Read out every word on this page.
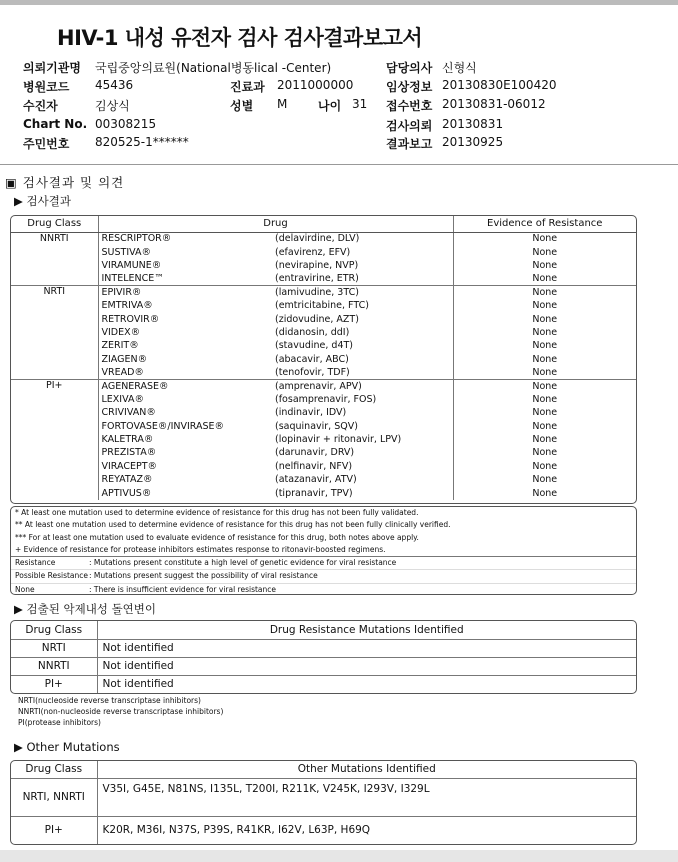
HIV-1 내성 유전자 검사 검사결과보고서
의뢰기관명 국립중앙의료원(National병동lical -Center)
병원코드 45436
수진자	김상식
Chart No. 00308215
주민번호 820525-1******
진료과 2011000000
성별 M	나이 31
담당의사 신형식
임상정보 20130830E100420
접수번호 20130831-06012
검사의뢰 20130831
결과보고 20130925
▣ 검사결과 및 의견
▶ 검사결과
Drug Class	Drug		Evidence of Resistance
NNRTI	RESCRIPTOR®	(delavirdine, DLV)	None
	SUSTIVA®	(efavirenz, EFV)	None
	VIRAMUNE®	(nevirapine, NVP)	None
	INTELENCE™	(entravirine, ETR)	None
NRTI	EPIVIR®	(lamivudine, 3TC)	None
	EMTRIVA®	(emtricitabine, FTC)	None
	RETROVIR®	(zidovudine, AZT)	None
	VIDEX®	(didanosin, ddI)	None
	ZERIT®	(stavudine, d4T)	None
	ZIAGEN®	(abacavir, ABC)	None
	VREAD®	(tenofovir, TDF)	None
PI+	AGENERASE®	(amprenavir, APV)	None
	LEXIVA®	(fosamprenavir, FOS)	None
	CRIVIVAN®	(indinavir, IDV)	None
	FORTOVASE®/INVIRASE®	(saquinavir, SQV)	None
	KALETRA®	(lopinavir + ritonavir, LPV)	None
	PREZISTA®	(darunavir, DRV)	None
	VIRACEPT®	(nelfinavir, NFV)	None
	REYATAZ®	(atazanavir, ATV)	None
	APTIVUS®	(tipranavir, TPV)	None
* At least one mutation used to determine evidence of resistance for this drug has not been fully validated.
** At least one mutation used to determine evidence of resistance for this drug has not been fully clinically verified.
*** For at least one mutation used to evaluate evidence of resistance for this drug, both notes above apply.
+ Evidence of resistance for protease inhibitors estimates response to ritonavir-boosted regimens.
Resistance	: Mutations present constitute a high level of genetic evidence for viral resistance
Possible Resistance : Mutations present suggest the possibility of viral resistance
None	: There is insufficient evidence for viral resistance
▶ 검출된 악제내성 돌연변이
Drug Class	Drug Resistance Mutations Identified
NRTI	Not identified
NNRTI	Not identified
PI+	Not identified
NRTI(nucleoside reverse transcriptase inhibitors)
NNRTI(non-nucleoside reverse transcriptase inhibitors)
PI(protease inhibitors)
▶ Other Mutations
Drug Class	Other Mutations Identified
NRTI, NNRTI	V35I, G45E, N81NS, I135L, T200I, R211K, V245K, I293V, I329L
PI+	K20R, M36I, N37S, P39S, R41KR, I62V, L63P, H69Q
